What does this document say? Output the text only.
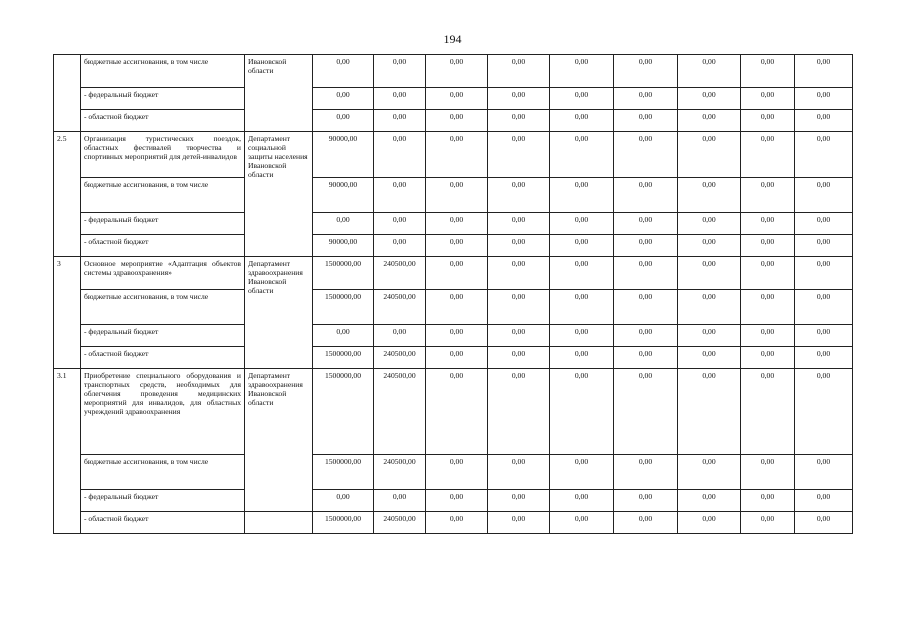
194
	бюджетные ассигнования, в том числе	Ивановской области	0,00	0,00	0,00	0,00	0,00	0,00	0,00	0,00	0,00
	- федеральный бюджет		0,00	0,00	0,00	0,00	0,00	0,00	0,00	0,00	0,00
	- областной бюджет		0,00	0,00	0,00	0,00	0,00	0,00	0,00	0,00	0,00
2.5	Организация туристических поездок, областных фестивалей творчества и спортивных мероприятий для детей-инвалидов	Департамент социальной защиты населения Ивановской области	90000,00	0,00	0,00	0,00	0,00	0,00	0,00	0,00	0,00
	бюджетные ассигнования, в том числе		90000,00	0,00	0,00	0,00	0,00	0,00	0,00	0,00	0,00
	- федеральный бюджет		0,00	0,00	0,00	0,00	0,00	0,00	0,00	0,00	0,00
	- областной бюджет		90000,00	0,00	0,00	0,00	0,00	0,00	0,00	0,00	0,00
3	Основное мероприятие «Адаптация объектов системы здравоохранения»	Департамент здравоохранения Ивановской области	1500000,00	240500,00	0,00	0,00	0,00	0,00	0,00	0,00	0,00
	бюджетные ассигнования, в том числе		1500000,00	240500,00	0,00	0,00	0,00	0,00	0,00	0,00	0,00
	- федеральный бюджет		0,00	0,00	0,00	0,00	0,00	0,00	0,00	0,00	0,00
	- областной бюджет		1500000,00	240500,00	0,00	0,00	0,00	0,00	0,00	0,00	0,00
3.1	Приобретение специального оборудования и транспортных средств, необходимых для облегчения проведения медицинских мероприятий для инвалидов, для областных учреждений здравоохранения	Департамент здравоохранения Ивановской области	1500000,00	240500,00	0,00	0,00	0,00	0,00	0,00	0,00	0,00
	бюджетные ассигнования, в том числе		1500000,00	240500,00	0,00	0,00	0,00	0,00	0,00	0,00	0,00
	- федеральный бюджет		0,00	0,00	0,00	0,00	0,00	0,00	0,00	0,00	0,00
	- областной бюджет		1500000,00	240500,00	0,00	0,00	0,00	0,00	0,00	0,00	0,00
